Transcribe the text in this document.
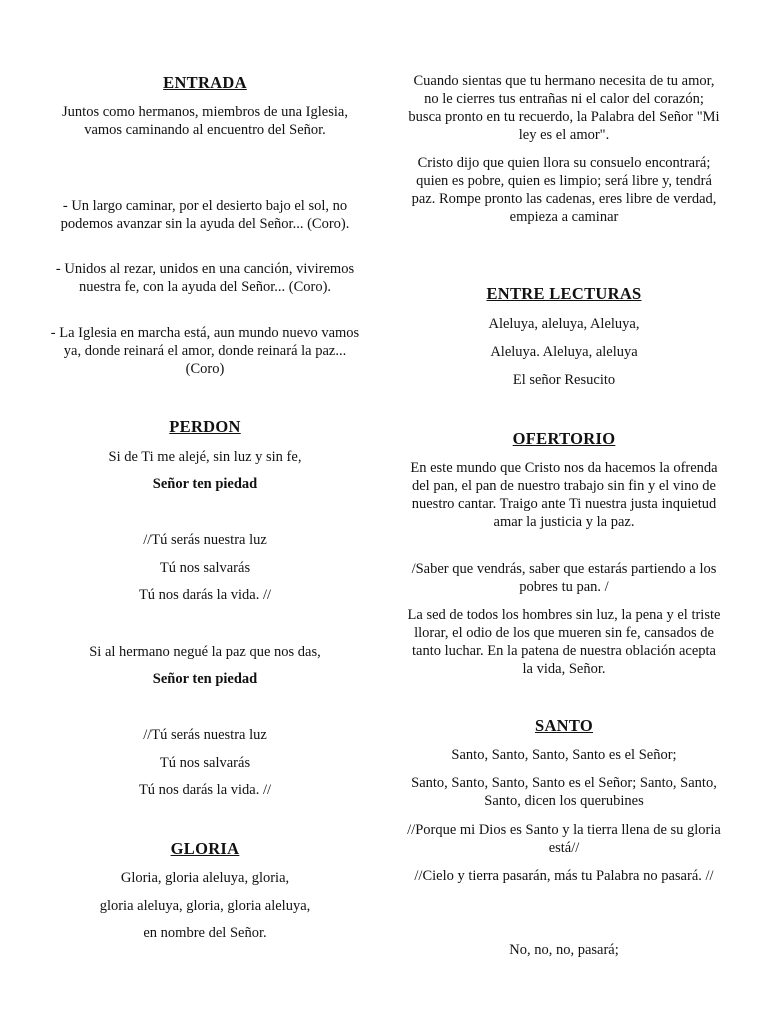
ENTRADA
Juntos como hermanos, miembros de una Iglesia, vamos caminando al encuentro del Señor.
- Un largo caminar, por el desierto bajo el sol, no podemos avanzar sin la ayuda del Señor... (Coro).
- Unidos al rezar, unidos en una canción, viviremos nuestra fe, con la ayuda del Señor... (Coro).
- La Iglesia en marcha está, aun mundo nuevo vamos ya, donde reinará el amor, donde reinará la paz... (Coro)
PERDON
Si de Ti me alejé, sin luz y sin fe,
Señor ten piedad
//Tú serás nuestra luz
Tú nos salvarás
Tú nos darás la vida. //
Si al hermano negué la paz que nos das,
Señor ten piedad
//Tú serás nuestra luz
Tú nos salvarás
Tú nos darás la vida. //
GLORIA
Gloria, gloria aleluya, gloria,
gloria aleluya, gloria, gloria aleluya,
en nombre del Señor.
Cuando sientas que tu hermano necesita de tu amor, no le cierres tus entrañas ni el calor del corazón; busca pronto en tu recuerdo, la Palabra del Señor "Mi ley es el amor".
Cristo dijo que quien llora su consuelo encontrará; quien es pobre, quien es limpio; será libre y, tendrá paz. Rompe pronto las cadenas, eres libre de verdad, empieza a caminar
ENTRE LECTURAS
Aleluya, aleluya, Aleluya,
Aleluya. Aleluya, aleluya
El señor Resucito
OFERTORIO
En este mundo que Cristo nos da hacemos la ofrenda del pan, el pan de nuestro trabajo sin fin y el vino de nuestro cantar. Traigo ante Ti nuestra justa inquietud amar la justicia y la paz.
/Saber que vendrás, saber que estarás partiendo a los pobres tu pan. /
La sed de todos los hombres sin luz, la pena y el triste llorar, el odio de los que mueren sin fe, cansados de tanto luchar. En la patena de nuestra oblación acepta la vida, Señor.
SANTO
Santo, Santo, Santo, Santo es el Señor;
Santo, Santo, Santo, Santo es el Señor; Santo, Santo, Santo, dicen los querubines
//Porque mi Dios es Santo y la tierra llena de su gloria está//
//Cielo y tierra pasarán, más tu Palabra no pasará. //
No, no, no, pasará;
